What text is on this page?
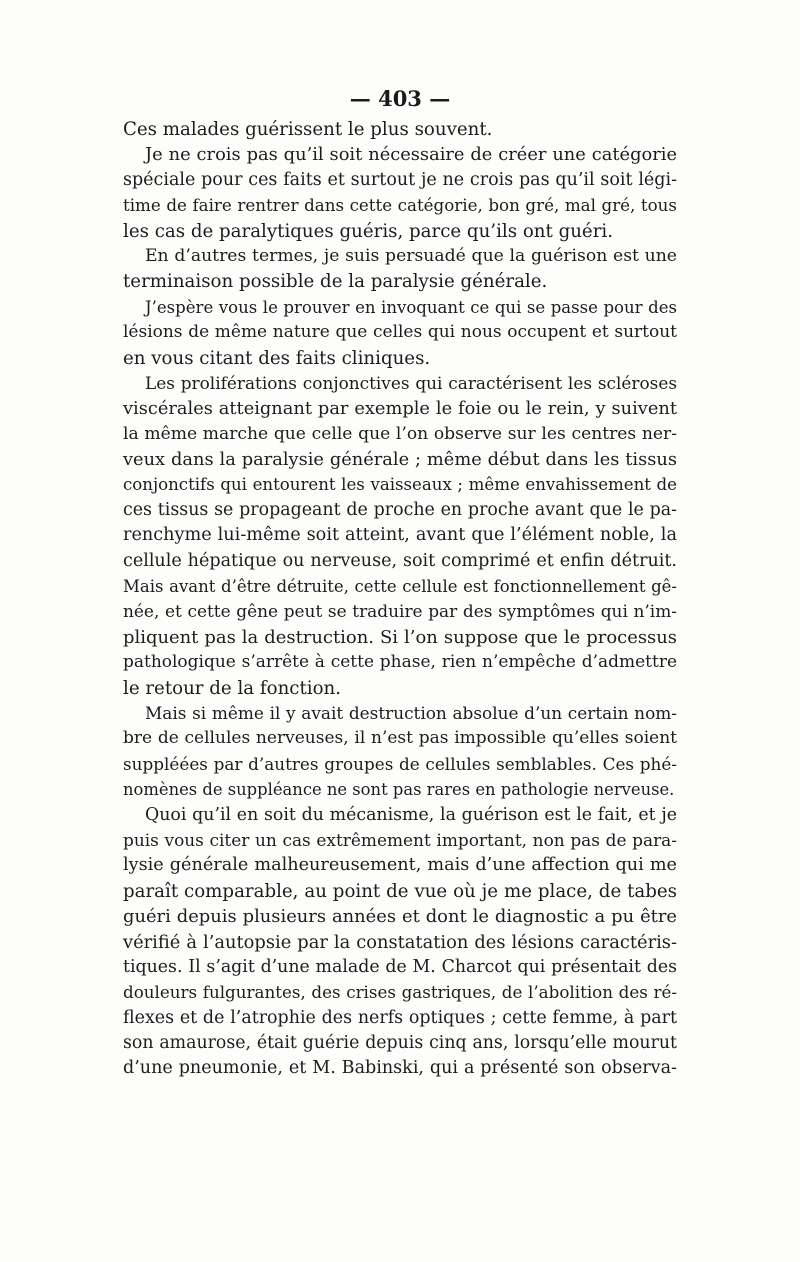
— 403 —
Ces malades guérissent le plus souvent.
Je ne crois pas qu’il soit nécessaire de créer une catégorie
spéciale pour ces faits et surtout je ne crois pas qu’il soit légi-
time de faire rentrer dans cette catégorie, bon gré, mal gré, tous
les cas de paralytiques guéris, parce qu’ils ont guéri.
En d’autres termes, je suis persuadé que la guérison est une
terminaison possible de la paralysie générale.
J’espère vous le prouver en invoquant ce qui se passe pour des
lésions de même nature que celles qui nous occupent et surtout
en vous citant des faits cliniques.
Les proliférations conjonctives qui caractérisent les scléroses
viscérales atteignant par exemple le foie ou le rein, y suivent
la même marche que celle que l’on observe sur les centres ner-
veux dans la paralysie générale ; même début dans les tissus
conjonctifs qui entourent les vaisseaux ; même envahissement de
ces tissus se propageant de proche en proche avant que le pa-
renchyme lui-même soit atteint, avant que l’élément noble, la
cellule hépatique ou nerveuse, soit comprimé et enfin détruit.
Mais avant d’être détruite, cette cellule est fonctionnellement gê-
née, et cette gêne peut se traduire par des symptômes qui n’im-
pliquent pas la destruction. Si l’on suppose que le processus
pathologique s’arrête à cette phase, rien n’empêche d’admettre
le retour de la fonction.
Mais si même il y avait destruction absolue d’un certain nom-
bre de cellules nerveuses, il n’est pas impossible qu’elles soient
suppléées par d’autres groupes de cellules semblables. Ces phé-
nomènes de suppléance ne sont pas rares en pathologie nerveuse.
Quoi qu’il en soit du mécanisme, la guérison est le fait, et je
puis vous citer un cas extrêmement important, non pas de para-
lysie générale malheureusement, mais d’une affection qui me
paraît comparable, au point de vue où je me place, de tabes
guéri depuis plusieurs années et dont le diagnostic a pu être
vérifié à l’autopsie par la constatation des lésions caractéris-
tiques. Il s’agit d’une malade de M. Charcot qui présentait des
douleurs fulgurantes, des crises gastriques, de l’abolition des ré-
flexes et de l’atrophie des nerfs optiques ; cette femme, à part
son amaurose, était guérie depuis cinq ans, lorsqu’elle mourut
d’une pneumonie, et M. Babinski, qui a présenté son observa-
